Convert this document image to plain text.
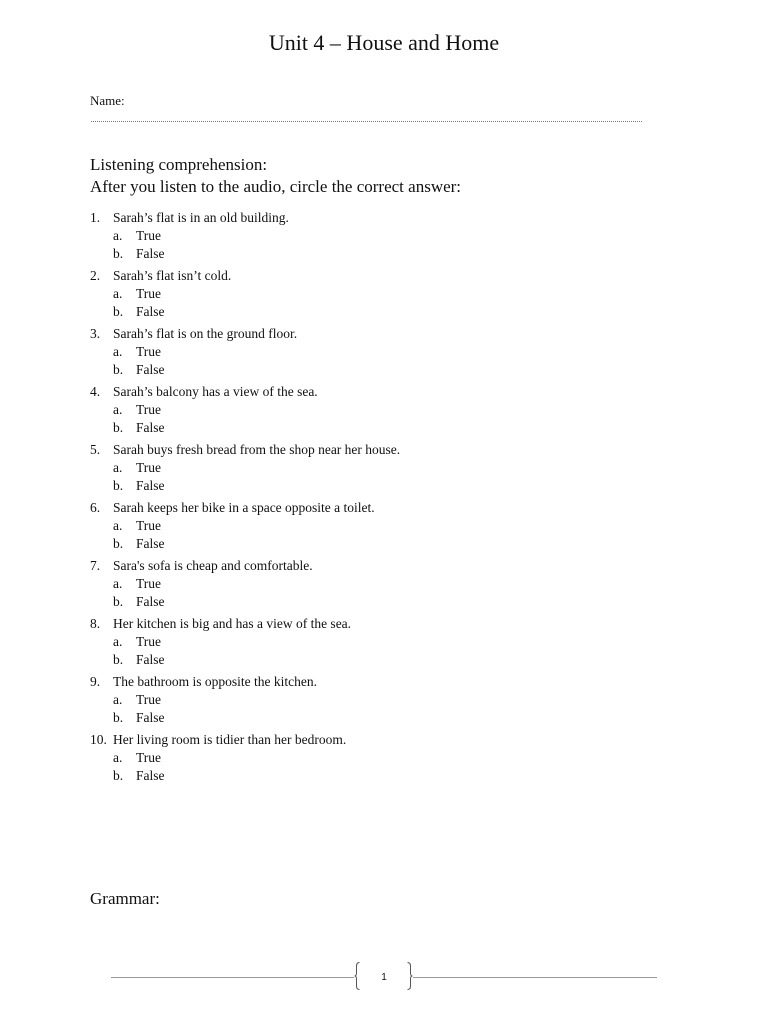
Unit 4 – House and Home
Name:
Listening comprehension:
After you listen to the audio, circle the correct answer:
1. Sarah’s flat is in an old building.
a. True
b. False
2. Sarah’s flat isn’t cold.
a. True
b. False
3. Sarah’s flat is on the ground floor.
a. True
b. False
4. Sarah’s balcony has a view of the sea.
a. True
b. False
5. Sarah buys fresh bread from the shop near her house.
a. True
b. False
6. Sarah keeps her bike in a space opposite a toilet.
a. True
b. False
7. Sara's sofa is cheap and comfortable.
a. True
b. False
8. Her kitchen is big and has a view of the sea.
a. True
b. False
9. The bathroom is opposite the kitchen.
a. True
b. False
10. Her living room is tidier than her bedroom.
a. True
b. False
Grammar:
1
